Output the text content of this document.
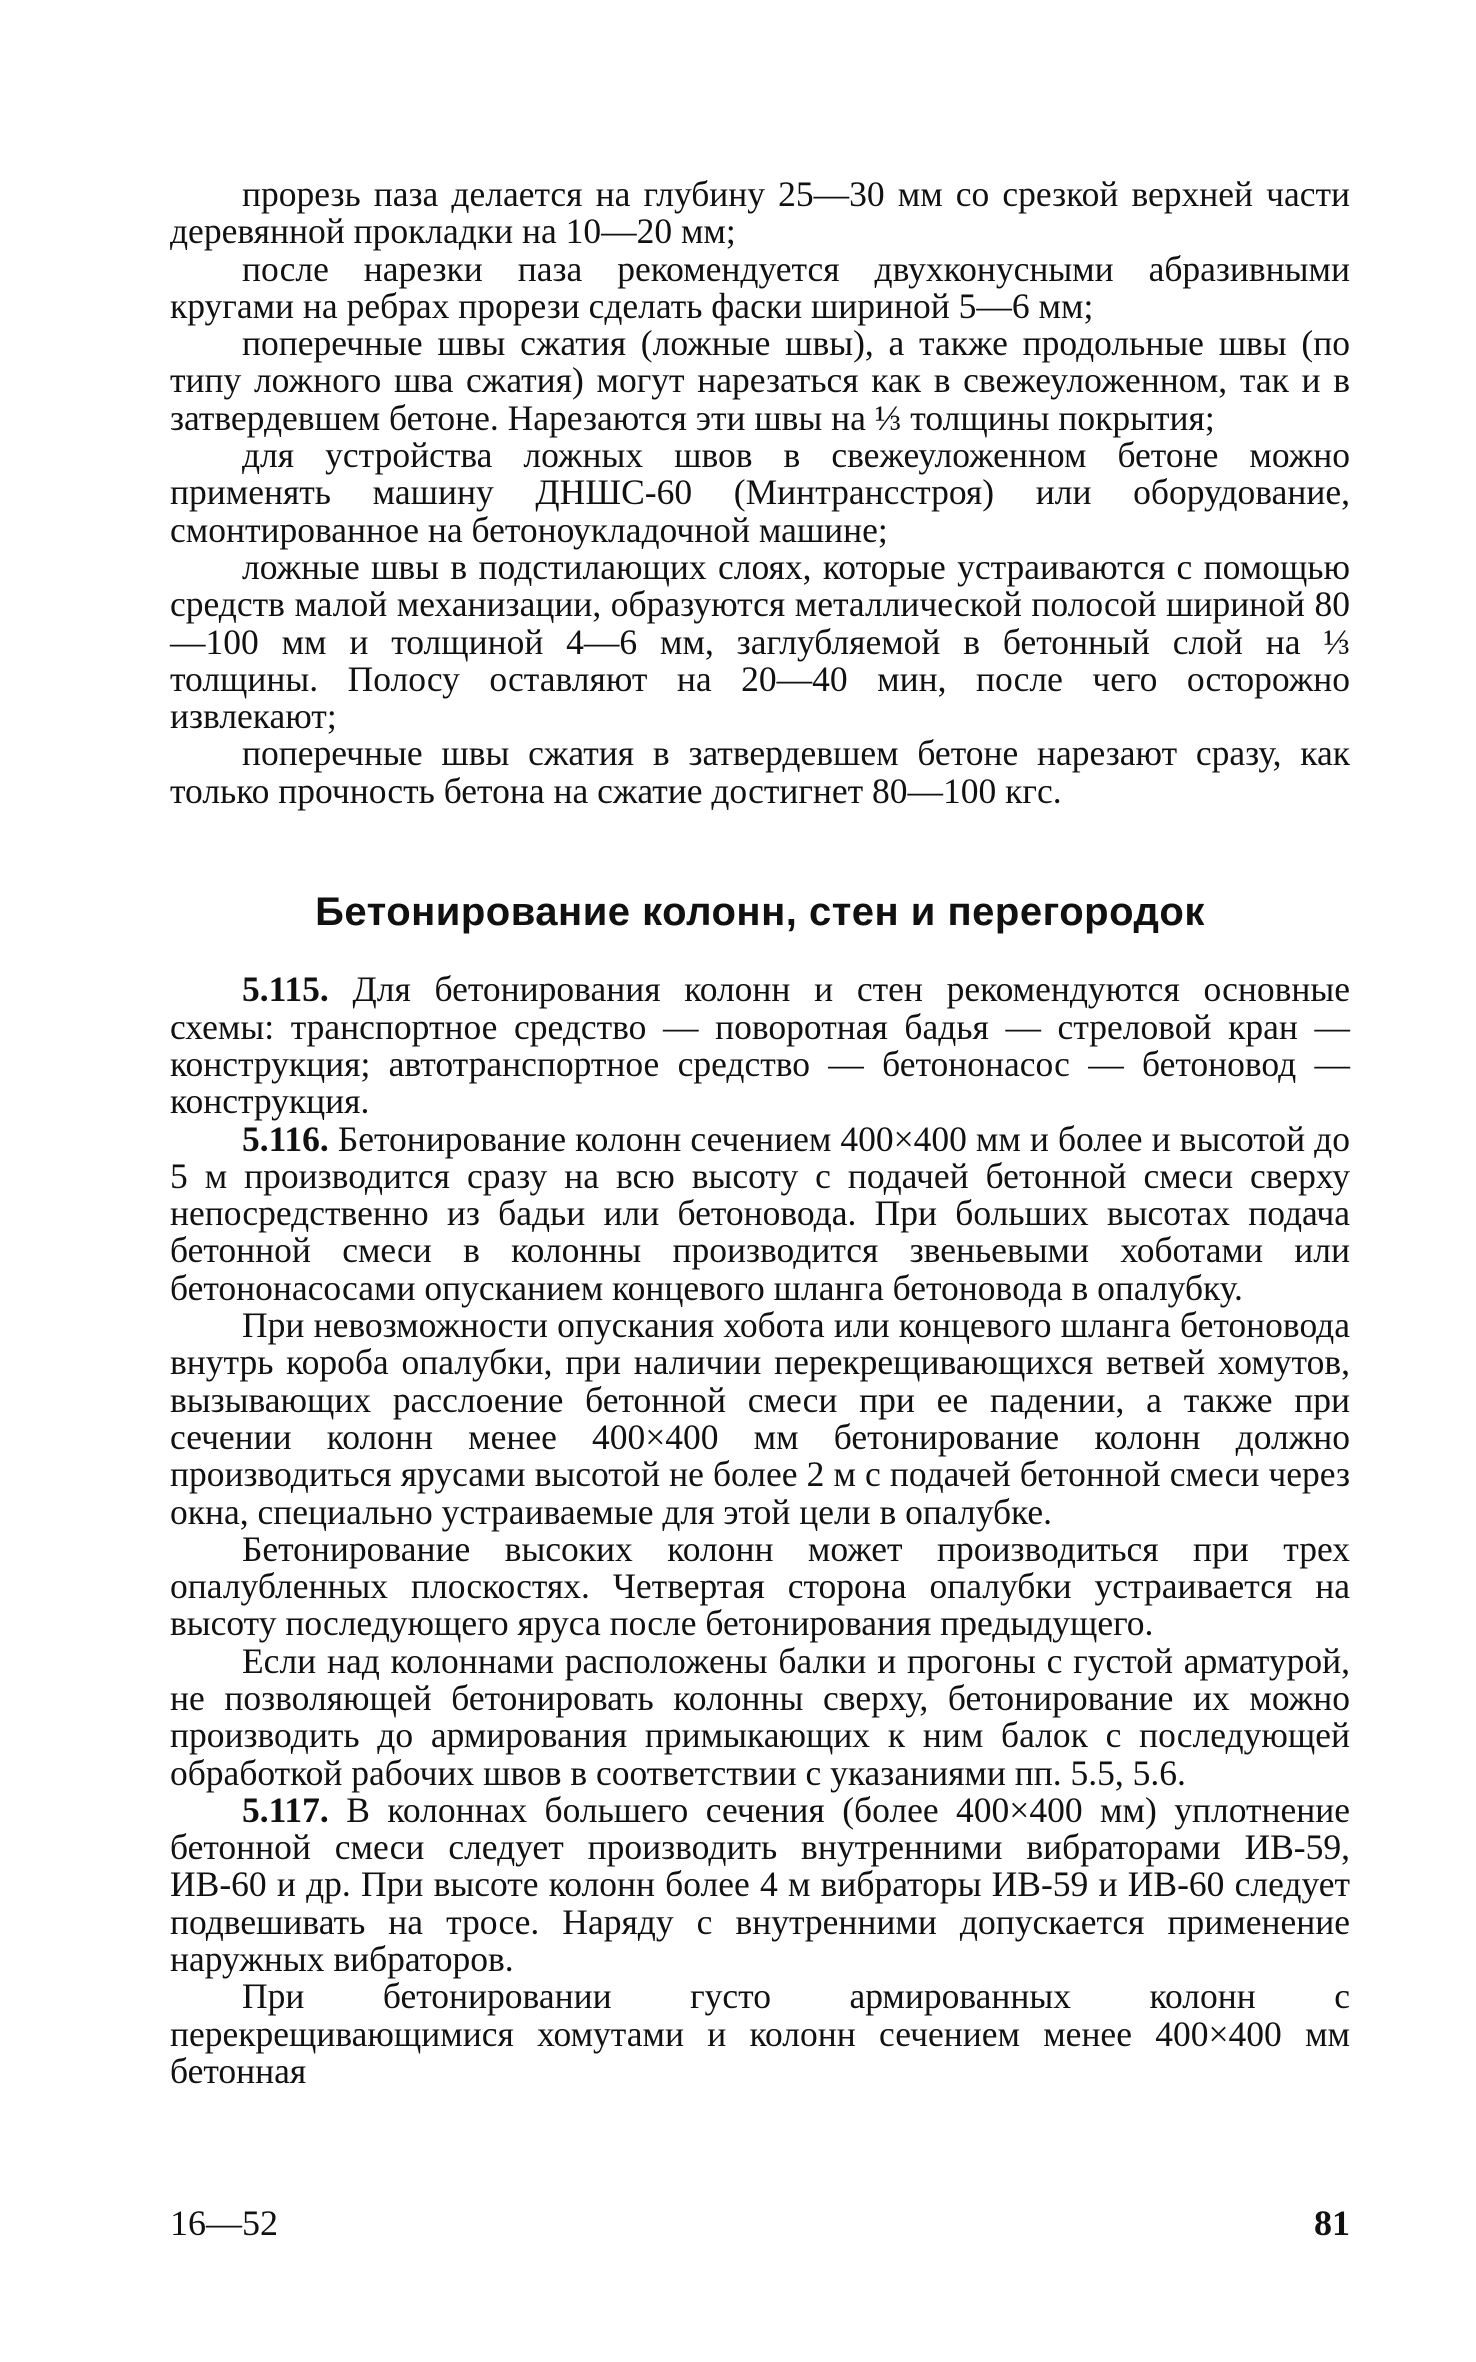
прорезь паза делается на глубину 25—30 мм со срезкой верхней части деревянной прокладки на 10—20 мм;

после нарезки паза рекомендуется двухконусными абразивными кругами на ребрах прорези сделать фаски шириной 5—6 мм;

поперечные швы сжатия (ложные швы), а также продольные швы (по типу ложного шва сжатия) могут нарезаться как в свежеуложенном, так и в затвердевшем бетоне. Нарезаются эти швы на ⅓ толщины покрытия;

для устройства ложных швов в свежеуложенном бетоне можно применять машину ДНШС-60 (Минтрансстроя) или оборудование, смонтированное на бетоноукладочной машине;

ложные швы в подстилающих слоях, которые устраиваются с помощью средств малой механизации, образуются металлической полосой шириной 80—100 мм и толщиной 4—6 мм, заглубляемой в бетонный слой на ⅓ толщины. Полосу оставляют на 20—40 мин, после чего осторожно извлекают;

поперечные швы сжатия в затвердевшем бетоне нарезают сразу, как только прочность бетона на сжатие достигнет 80—100 кгс.

Бетонирование колонн, стен и перегородок

5.115. Для бетонирования колонн и стен рекомендуются основные схемы: транспортное средство — поворотная бадья — стреловой кран — конструкция; автотранспортное средство — бетононасос — бетоновод — конструкция.

5.116. Бетонирование колонн сечением 400×400 мм и более и высотой до 5 м производится сразу на всю высоту с подачей бетонной смеси сверху непосредственно из бадьи или бетоновода. При больших высотах подача бетонной смеси в колонны производится звеньевыми хоботами или бетононасосами опусканием концевого шланга бетоновода в опалубку.

При невозможности опускания хобота или концевого шланга бетоновода внутрь короба опалубки, при наличии перекрещивающихся ветвей хомутов, вызывающих расслоение бетонной смеси при ее падении, а также при сечении колонн менее 400×400 мм бетонирование колонн должно производиться ярусами высотой не более 2 м с подачей бетонной смеси через окна, специально устраиваемые для этой цели в опалубке.

Бетонирование высоких колонн может производиться при трех опалубленных плоскостях. Четвертая сторона опалубки устраивается на высоту последующего яруса после бетонирования предыдущего.

Если над колоннами расположены балки и прогоны с густой арматурой, не позволяющей бетонировать колонны сверху, бетонирование их можно производить до армирования примыкающих к ним балок с последующей обработкой рабочих швов в соответствии с указаниями пп. 5.5, 5.6.

5.117. В колоннах большего сечения (более 400×400 мм) уплотнение бетонной смеси следует производить внутренними вибраторами ИВ-59, ИВ-60 и др. При высоте колонн более 4 м вибраторы ИВ-59 и ИВ-60 следует подвешивать на тросе. Наряду с внутренними допускается применение наружных вибраторов.

При бетонировании густо армированных колонн с перекрещивающимися хомутами и колонн сечением менее 400×400 мм бетонная

16—52	81
